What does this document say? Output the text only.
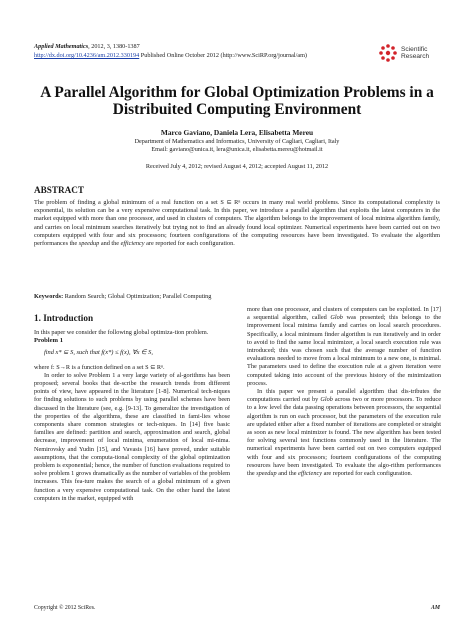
Applied Mathematics, 2012, 3, 1380-1387
http://dx.doi.org/10.4236/am.2012.330194 Published Online October 2012 (http://www.SciRP.org/journal/am)
Scientific
Research
A Parallel Algorithm for Global Optimization Problems in a Distribuited Computing Environment
Marco Gaviano, Daniela Lera, Elisabetta Mereu
Department of Mathematics and Informatics, University of Cagliari, Cagliari, Italy
Email: gaviano@unica.it, lera@unica.it, elisabetta.mereu@hotmail.it
Received July 4, 2012; revised August 4, 2012; accepted August 11, 2012
ABSTRACT
The problem of finding a global minimum of a real function on a set S ⊆ Rⁿ occurs in many real world problems. Since its computational complexity is exponential, its solution can be a very expensive computational task. In this paper, we introduce a parallel algorithm that exploits the latest computers in the market equipped with more than one processor, and used in clusters of computers. The algorithm belongs to the improvement of local minima algorithm family, and carries on local minimum searches iteratively but trying not to find an already found local optimizer. Numerical experiments have been carried out on two computers equipped with four and six processors; fourteen configurations of the computing resources have been investigated. To evaluate the algorithm performances the speedup and the efficiency are reported for each configuration.
Keywords: Random Search; Global Optimization; Parallel Computing
1. Introduction

In this paper we consider the following global optimiza-tion problem.

Problem 1

find x* ⊆ S, such that f(x*) ≤ f(x), ∀x ∈ S,

where f: S→R is a function defined on a set S ⊆ Rⁿ.

In order to solve Problem 1 a very large variety of al-gorithms has been proposed; several books that de-scribe the research trends from different points of view, have appeared in the literature [1-8]. Numerical tech-niques for finding solutions to such problems by using parallel schemes have been discussed in the literature (see, e.g. [9-13]. To generalize the investigation of the properties of the algorithms, these are classified in fami-lies whose components share common strategies or tech-niques. In [14] five basic families are defined: partition and search, approximation and search, global decrease, improvement of local minima, enumeration of local mi-nima. Nemirovsky and Yudin [15], and Vavasis [16] have proved, under suitable assumptions, that the computa-tional complexity of the global optimization problem is exponential; hence, the number of function evaluations required to solve problem 1 grows dramatically as the number of variables of the problem increases. This fea-ture makes the search of a global minimum of a given function a very expensive computational task. On the other hand the latest computers in the market, equipped with

more than one processor, and clusters of computers can be exploited. In [17] a sequential algorithm, called Glob was presented; this belongs to the improvement local minima family and carries on local search procedures. Specifically, a local minimum finder algorithm is run iteratively and in order to avoid to find the same local minimizer, a local search execution rule was introduced; this was chosen such that the average number of function evaluations needed to move from a local minimum to a new one, is minimal. The parameters used to define the execution rule at a given iteration were computed taking into account of the previous history of the minimization process.

In this paper we present a parallel algorithm that dis-tributes the computations carried out by Glob across two or more processors. To reduce to a low level the data passing operations between processors, the sequential algorithm is run on each processor, but the parameters of the execution rule are updated either after a fixed number of iterations are completed or straight as soon as new local minimizer is found. The new algorithm has been tested for solving several test functions commonly used in the literature. The numerical experiments have been carried out on two computers equipped with four and six processors; fourteen configurations of the computing resources have been investigated. To evaluate the algo-rithm performances the speedup and the efficiency are reported for each configuration.

Copyright © 2012 SciRes.	AM
